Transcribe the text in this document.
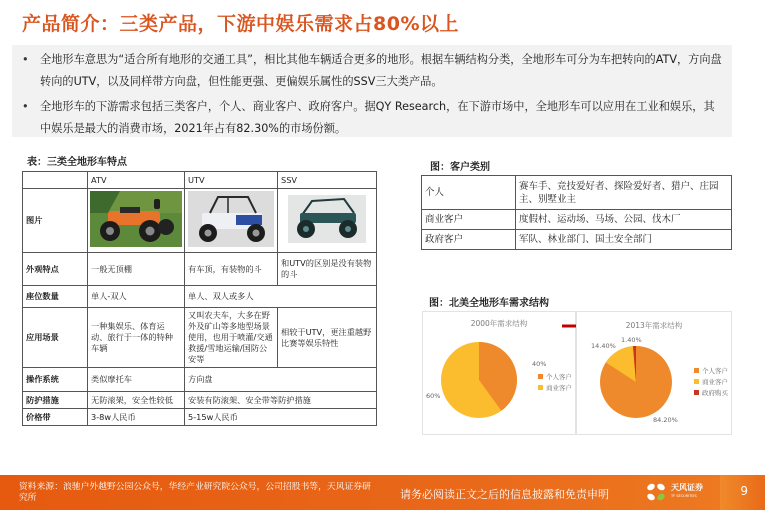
产品简介：三类产品，下游中娱乐需求占80%以上
• 全地形车意思为“适合所有地形的交通工具”，相比其他车辆适合更多的地形。根据车辆结构分类，全地形车可分为车把转向的ATV，方向盘转向的UTV，以及同样带方向盘，但性能更强、更偏娱乐属性的SSV三大类产品。
• 全地形车的下游需求包括三类客户，个人、商业客户、政府客户。据QY Research，在下游市场中，全地形车可以应用在工业和娱乐，其中娱乐是最大的消费市场，2021年占有82.30%的市场份额。
表：三类全地形车特点
	ATV	UTV	SSV
图片			
外观特点	一般无顶棚	有车顶，有装物的斗	和UTV的区别是没有装物的斗
座位数量	单人-双人	单人、双人或多人	
应用场景	一种集娱乐、体育运动、旅行于一体的特种车辆	又叫农夫车，大多在野外及矿山等多地型场景使用，也用于喷灌/交通救援/雪地运输/国防公安等	相较于UTV，更注重越野比赛等娱乐特性
操作系统	类似摩托车	方向盘	
防护措施	无防滚架，安全性较低	安装有防滚架、安全带等防护措施	
价格带	3-8w人民币	5-15w人民币	
图：客户类别
个人	赛车手、竞技爱好者、探险爱好者、猎户、庄园主、别墅业主
商业客户	度假村、运动场、马场、公园、伐木厂
政府客户	军队、林业部门、国土安全部门
图：北美全地形车需求结构
2000年需求结构
40%
60%
个人客户
商业客户
2013年需求结构
14.40%
1.40%
84.20%
个人客户
商业客户
政府购买
资料来源：浪驰户外越野公园公众号，华经产业研究院公众号，公司招股书等，天风证券研究所	请务必阅读正文之后的信息披露和免责申明
天风证券
TF SECURITIES	9
